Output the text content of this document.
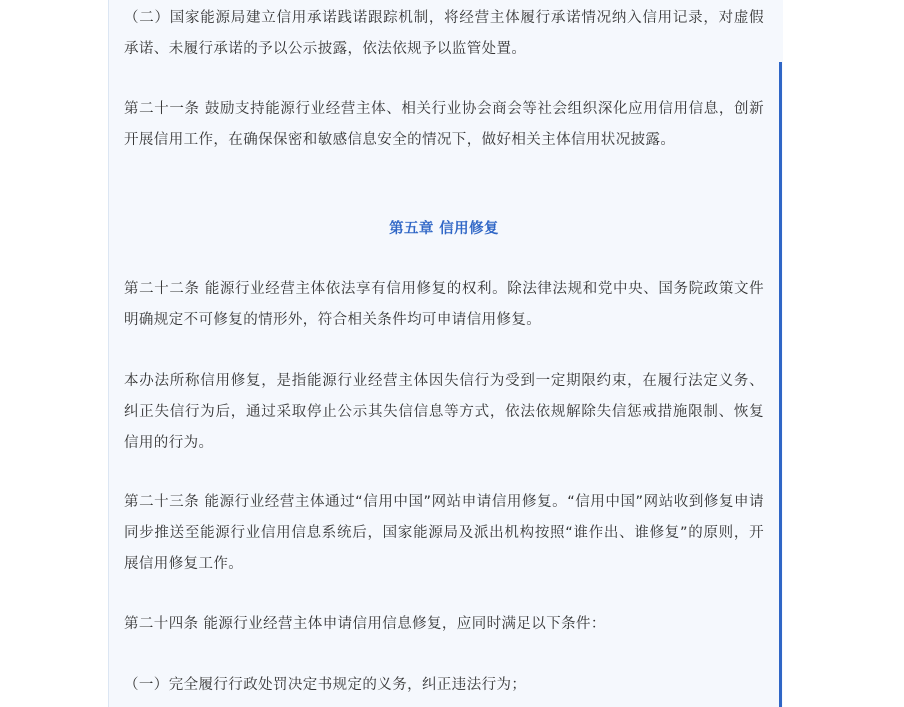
（二）国家能源局建立信用承诺践诺跟踪机制，将经营主体履行承诺情况纳入信用记录，对虚假承诺、未履行承诺的予以公示披露，依法依规予以监管处置。

第二十一条 鼓励支持能源行业经营主体、相关行业协会商会等社会组织深化应用信用信息，创新开展信用工作，在确保保密和敏感信息安全的情况下，做好相关主体信用状况披露。

第五章 信用修复

第二十二条 能源行业经营主体依法享有信用修复的权利。除法律法规和党中央、国务院政策文件明确规定不可修复的情形外，符合相关条件均可申请信用修复。

本办法所称信用修复，是指能源行业经营主体因失信行为受到一定期限约束，在履行法定义务、纠正失信行为后，通过采取停止公示其失信信息等方式，依法依规解除失信惩戒措施限制、恢复信用的行为。

第二十三条 能源行业经营主体通过“信用中国”网站申请信用修复。“信用中国”网站收到修复申请同步推送至能源行业信用信息系统后，国家能源局及派出机构按照“谁作出、谁修复”的原则，开展信用修复工作。

第二十四条 能源行业经营主体申请信用信息修复，应同时满足以下条件：

（一）完全履行行政处罚决定书规定的义务，纠正违法行为；
